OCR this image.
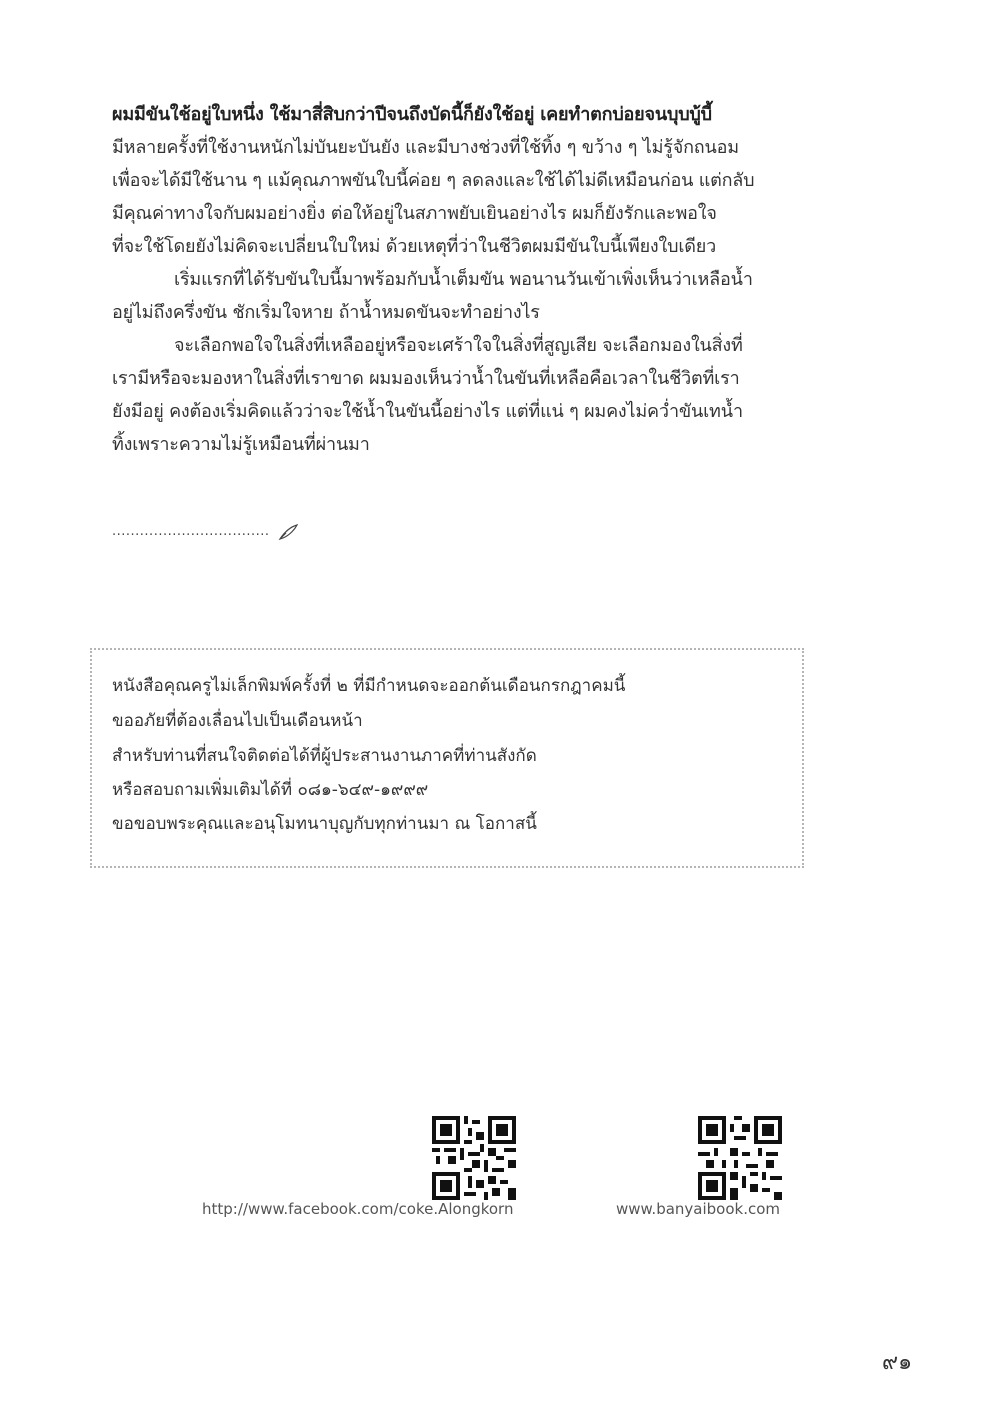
ผมมีขันใช้อยู่ใบหนึ่ง ใช้มาสี่สิบกว่าปีจนถึงบัดนี้ก็ยังใช้อยู่ เคยทำตกบ่อยจนบุบบู้บี้
มีหลายครั้งที่ใช้งานหนักไม่บันยะบันยัง และมีบางช่วงที่ใช้ทิ้ง ๆ ขว้าง ๆ ไม่รู้จักถนอม
เพื่อจะได้มีใช้นาน ๆ แม้คุณภาพขันใบนี้ค่อย ๆ ลดลงและใช้ได้ไม่ดีเหมือนก่อน แต่กลับ
มีคุณค่าทางใจกับผมอย่างยิ่ง ต่อให้อยู่ในสภาพยับเยินอย่างไร ผมก็ยังรักและพอใจ
ที่จะใช้โดยยังไม่คิดจะเปลี่ยนใบใหม่ ด้วยเหตุที่ว่าในชีวิตผมมีขันใบนี้เพียงใบเดียว
เริ่มแรกที่ได้รับขันใบนี้มาพร้อมกับน้ำเต็มขัน พอนานวันเข้าเพิ่งเห็นว่าเหลือน้ำ
อยู่ไม่ถึงครึ่งขัน ชักเริ่มใจหาย ถ้าน้ำหมดขันจะทำอย่างไร
จะเลือกพอใจในสิ่งที่เหลืออยู่หรือจะเศร้าใจในสิ่งที่สูญเสีย จะเลือกมองในสิ่งที่
เรามีหรือจะมองหาในสิ่งที่เราขาด ผมมองเห็นว่าน้ำในขันที่เหลือคือเวลาในชีวิตที่เรา
ยังมีอยู่ คงต้องเริ่มคิดแล้วว่าจะใช้น้ำในขันนี้อย่างไร แต่ที่แน่ ๆ ผมคงไม่คว่ำขันเทน้ำ
ทิ้งเพราะความไม่รู้เหมือนที่ผ่านมา
..................................
หนังสือคุณครูไม่เล็กพิมพ์ครั้งที่ ๒ ที่มีกำหนดจะออกต้นเดือนกรกฎาคมนี้
ขออภัยที่ต้องเลื่อนไปเป็นเดือนหน้า
สำหรับท่านที่สนใจติดต่อได้ที่ผู้ประสานงานภาคที่ท่านสังกัด
หรือสอบถามเพิ่มเติมได้ที่ ๐๘๑-๖๔๙-๑๙๙๙
ขอขอบพระคุณและอนุโมทนาบุญกับทุกท่านมา ณ โอกาสนี้
http://www.facebook.com/coke.Alongkorn	www.banyaibook.com
๙๑
